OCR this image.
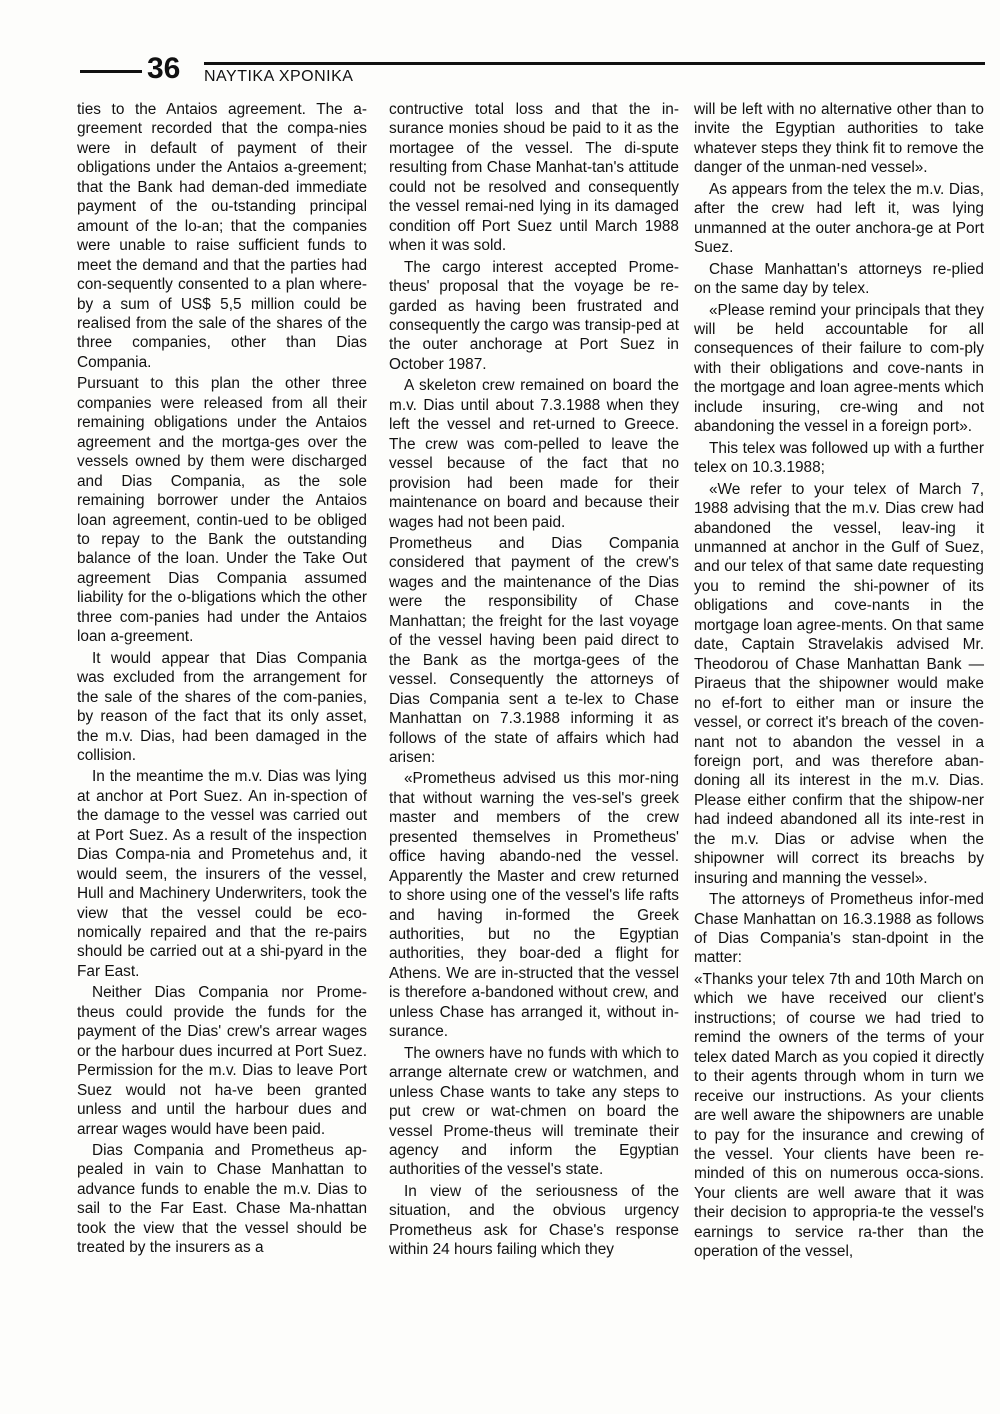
36 ΝΑΥΤΙΚΑ ΧΡΟΝΙΚΑ

ties to the Antaios agreement. The a-greement recorded that the compa-nies were in default of payment of their obligations under the Antaios a-greement; that the Bank had deman-ded immediate payment of the ou-tstanding principal amount of the lo-an; that the companies were unable to raise sufficient funds to meet the demand and that the parties had con-sequently consented to a plan where-by a sum of US$ 5,5 million could be realised from the sale of the shares of the three companies, other than Dias Compania.

Pursuant to this plan the other three companies were released from all their remaining obligations under the Antaios agreement and the mortga-ges over the vessels owned by them were discharged and Dias Compania, as the sole remaining borrower under the Antaios loan agreement, contin-ued to be obliged to repay to the Bank the outstanding balance of the loan. Under the Take Out agreement Dias Compania assumed liability for the o-bligations which the other three com-panies had under the Antaios loan a-greement.

It would appear that Dias Compania was excluded from the arrangement for the sale of the shares of the com-panies, by reason of the fact that its only asset, the m.v. Dias, had been damaged in the collision.

In the meantime the m.v. Dias was lying at anchor at Port Suez. An in-spection of the damage to the vessel was carried out at Port Suez. As a result of the inspection Dias Compa-nia and Prometehus and, it would seem, the insurers of the vessel, Hull and Machinery Underwriters, took the view that the vessel could be eco-nomically repaired and that the re-pairs should be carried out at a shi-pyard in the Far East.

Neither Dias Compania nor Prome-theus could provide the funds for the payment of the Dias' crew's arrear wages or the harbour dues incurred at Port Suez. Permission for the m.v. Dias to leave Port Suez would not ha-ve been granted unless and until the harbour dues and arrear wages would have been paid.

Dias Compania and Prometheus ap-pealed in vain to Chase Manhattan to advance funds to enable the m.v. Dias to sail to the Far East. Chase Ma-nhattan took the view that the vessel should be treated by the insurers as a

contructive total loss and that the in-surance monies shoud be paid to it as the mortagee of the vessel. The di-spute resulting from Chase Manhat-tan's attitude could not be resolved and consequently the vessel remai-ned lying in its damaged condition off Port Suez until March 1988 when it was sold.

The cargo interest accepted Prome-theus' proposal that the voyage be re-garded as having been frustrated and consequently the cargo was transip-ped at the outer anchorage at Port Suez in October 1987.

A skeleton crew remained on board the m.v. Dias until about 7.3.1988 when they left the vessel and ret-urned to Greece. The crew was com-pelled to leave the vessel because of the fact that no provision had been made for their maintenance on board and because their wages had not been paid.

Prometheus and Dias Compania considered that payment of the crew's wages and the maintenance of the Dias were the responsibility of Chase Manhattan; the freight for the last voyage of the vessel having been paid direct to the Bank as the mortga-gees of the vessel. Consequently the attorneys of Dias Compania sent a te-lex to Chase Manhattan on 7.3.1988 informing it as follows of the state of affairs which had arisen:

«Prometheus advised us this mor-ning that without warning the ves-sel's greek master and members of the crew presented themselves in Prometheus' office having abando-ned the vessel. Apparently the Master and crew returned to shore using one of the vessel's life rafts and having in-formed the Greek authorities, but no the Egyptian authorities, they boar-ded a flight for Athens. We are in-structed that the vessel is therefore a-bandoned without crew, and unless Chase has arranged it, without in-surance.

The owners have no funds with which to arrange alternate crew or watchmen, and unless Chase wants to take any steps to put crew or wat-chmen on board the vessel Prome-theus will treminate their agency and inform the Egyptian authorities of the vessel's state.

In view of the seriousness of the situation, and the obvious urgency Prometheus ask for Chase's response within 24 hours failing which they

will be left with no alternative other than to invite the Egyptian authorities to take whatever steps they think fit to remove the danger of the unman-ned vessel».

As appears from the telex the m.v. Dias, after the crew had left it, was lying unmanned at the outer anchora-ge at Port Suez.

Chase Manhattan's attorneys re-plied on the same day by telex.

«Please remind your principals that they will be held accountable for all consequences of their failure to com-ply with their obligations and cove-nants in the mortgage and loan agree-ments which include insuring, cre-wing and not abandoning the vessel in a foreign port».

This telex was followed up with a further telex on 10.3.1988;

«We refer to your telex of March 7, 1988 advising that the m.v. Dias crew had abandoned the vessel, leav-ing it unmanned at anchor in the Gulf of Suez, and our telex of that same date requesting you to remind the shi-powner of its obligations and cove-nants in the mortgage loan agree-ments. On that same date, Captain Stravelakis advised Mr. Theodorou of Chase Manhattan Bank — Piraeus that the shipowner would make no ef-fort to either man or insure the vessel, or correct it's breach of the coven-nant not to abandon the vessel in a foreign port, and was therefore aban-doning all its interest in the m.v. Dias. Please either confirm that the shipow-ner had indeed abandoned all its inte-rest in the m.v. Dias or advise when the shipowner will correct its breachs by insuring and manning the vessel».

The attorneys of Prometheus infor-med Chase Manhattan on 16.3.1988 as follows of Dias Compania's stan-dpoint in the matter:

«Thanks your telex 7th and 10th March on which we have received our client's instructions; of course we had tried to remind the owners of the terms of your telex dated March as you copied it directly to their agents through whom in turn we receive our instructions. As your clients are well aware the shipowners are unable to pay for the insurance and crewing of the vessel. Your clients have been re-minded of this on numerous occa-sions. Your clients are well aware that it was their decision to appropria-te the vessel's earnings to service ra-ther than the operation of the vessel,
